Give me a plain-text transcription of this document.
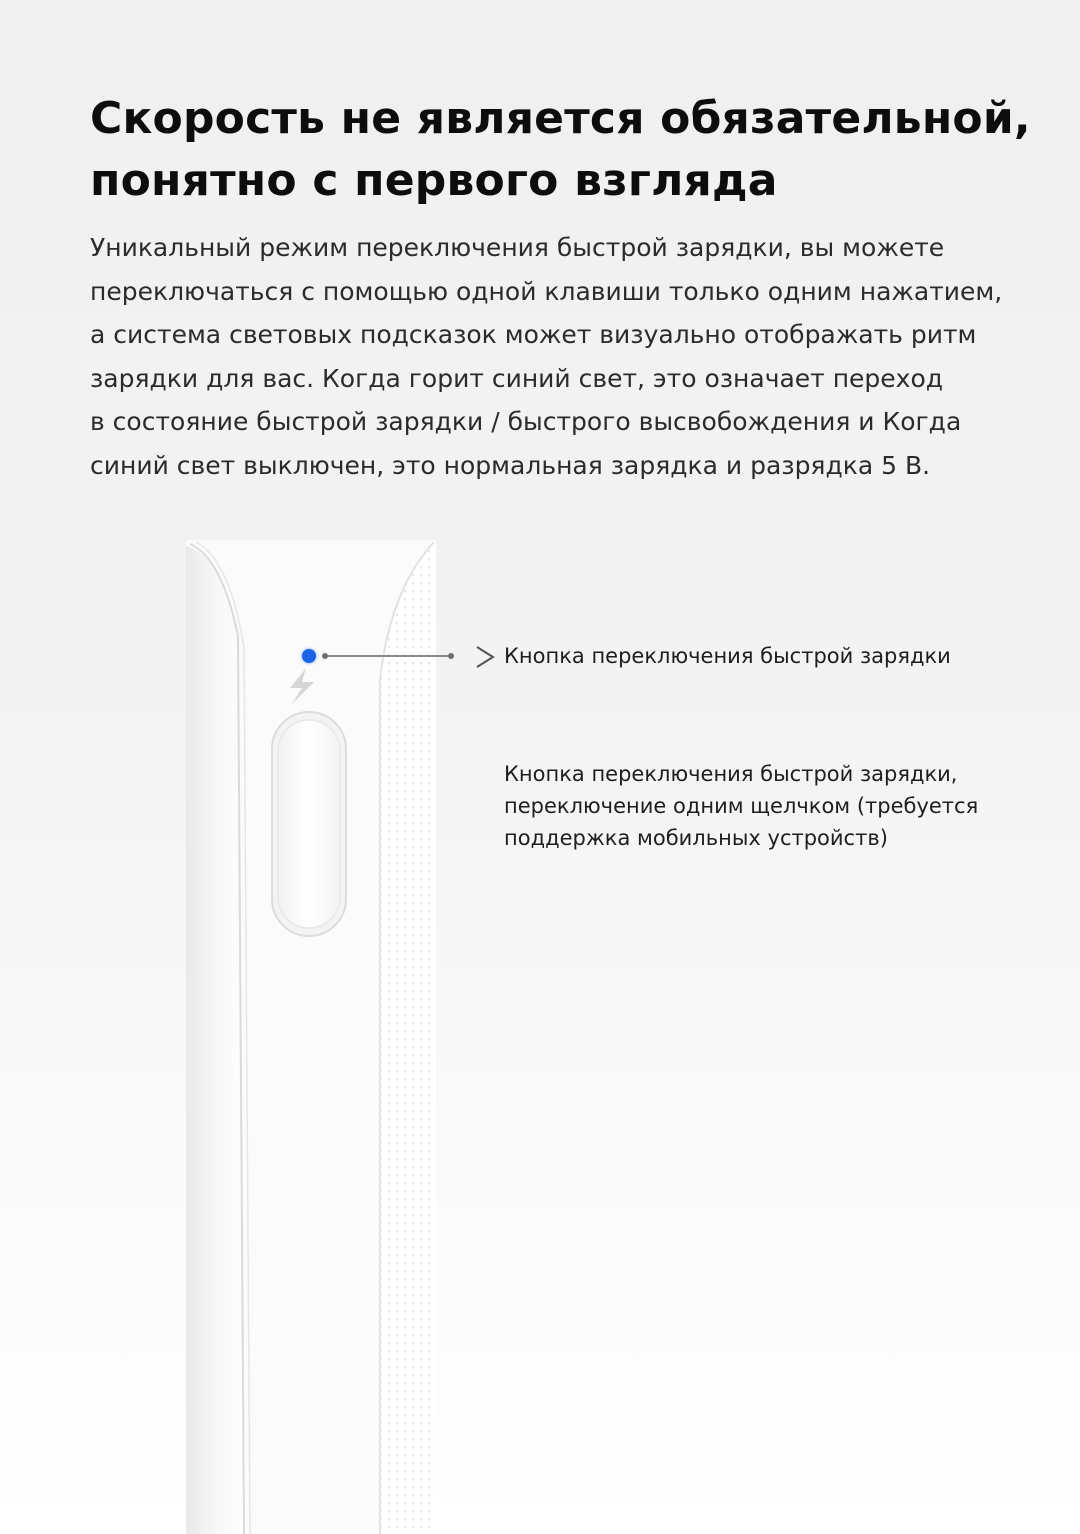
Скорость не является обязательной,
понятно с первого взгляда

Уникальный режим переключения быстрой зарядки, вы можете
переключаться с помощью одной клавиши только одним нажатием,
а система световых подсказок может визуально отображать ритм
зарядки для вас. Когда горит синий свет, это означает переход
в состояние быстрой зарядки / быстрого высвобождения и Когда
синий свет выключен, это нормальная зарядка и разрядка 5 В.

Кнопка переключения быстрой зарядки

Кнопка переключения быстрой зарядки,
переключение одним щелчком (требуется
поддержка мобильных устройств)
